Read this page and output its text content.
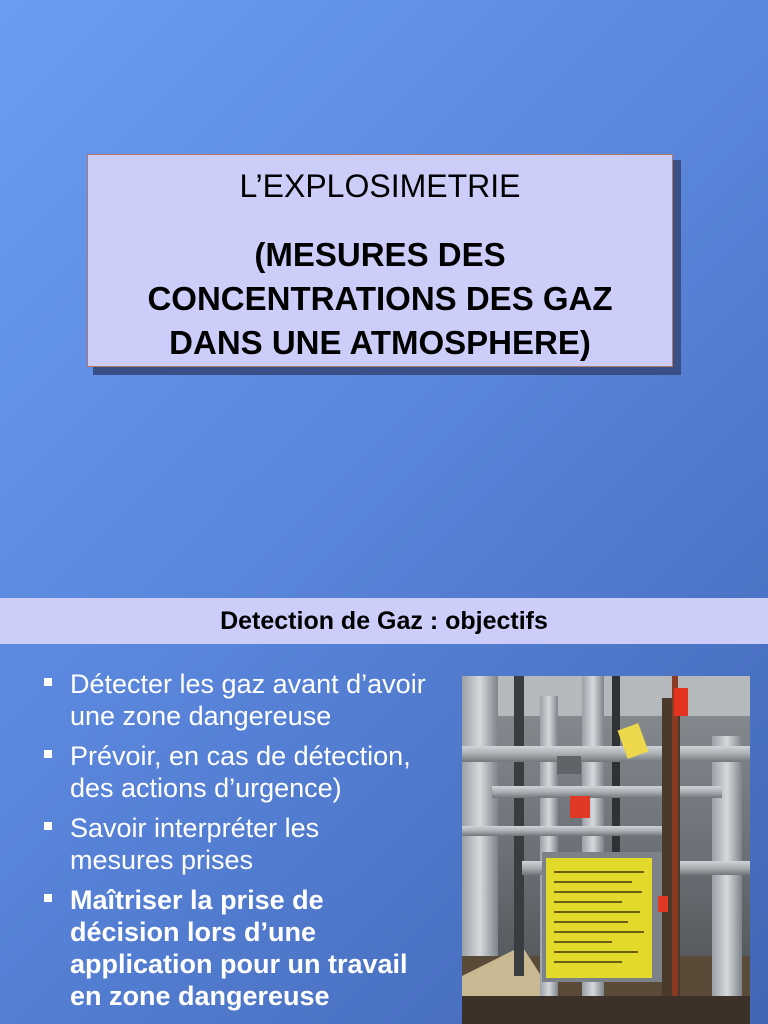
L’EXPLOSIMETRIE
(MESURES DES
CONCENTRATIONS DES GAZ
DANS UNE ATMOSPHERE)
Detection de Gaz : objectifs
Détecter les gaz avant d’avoir
une zone dangereuse
Prévoir, en cas de détection,
des actions d’urgence)
Savoir interpréter les
mesures prises
Maîtriser la prise de
décision lors d’une
application pour un travail
en zone dangereuse
